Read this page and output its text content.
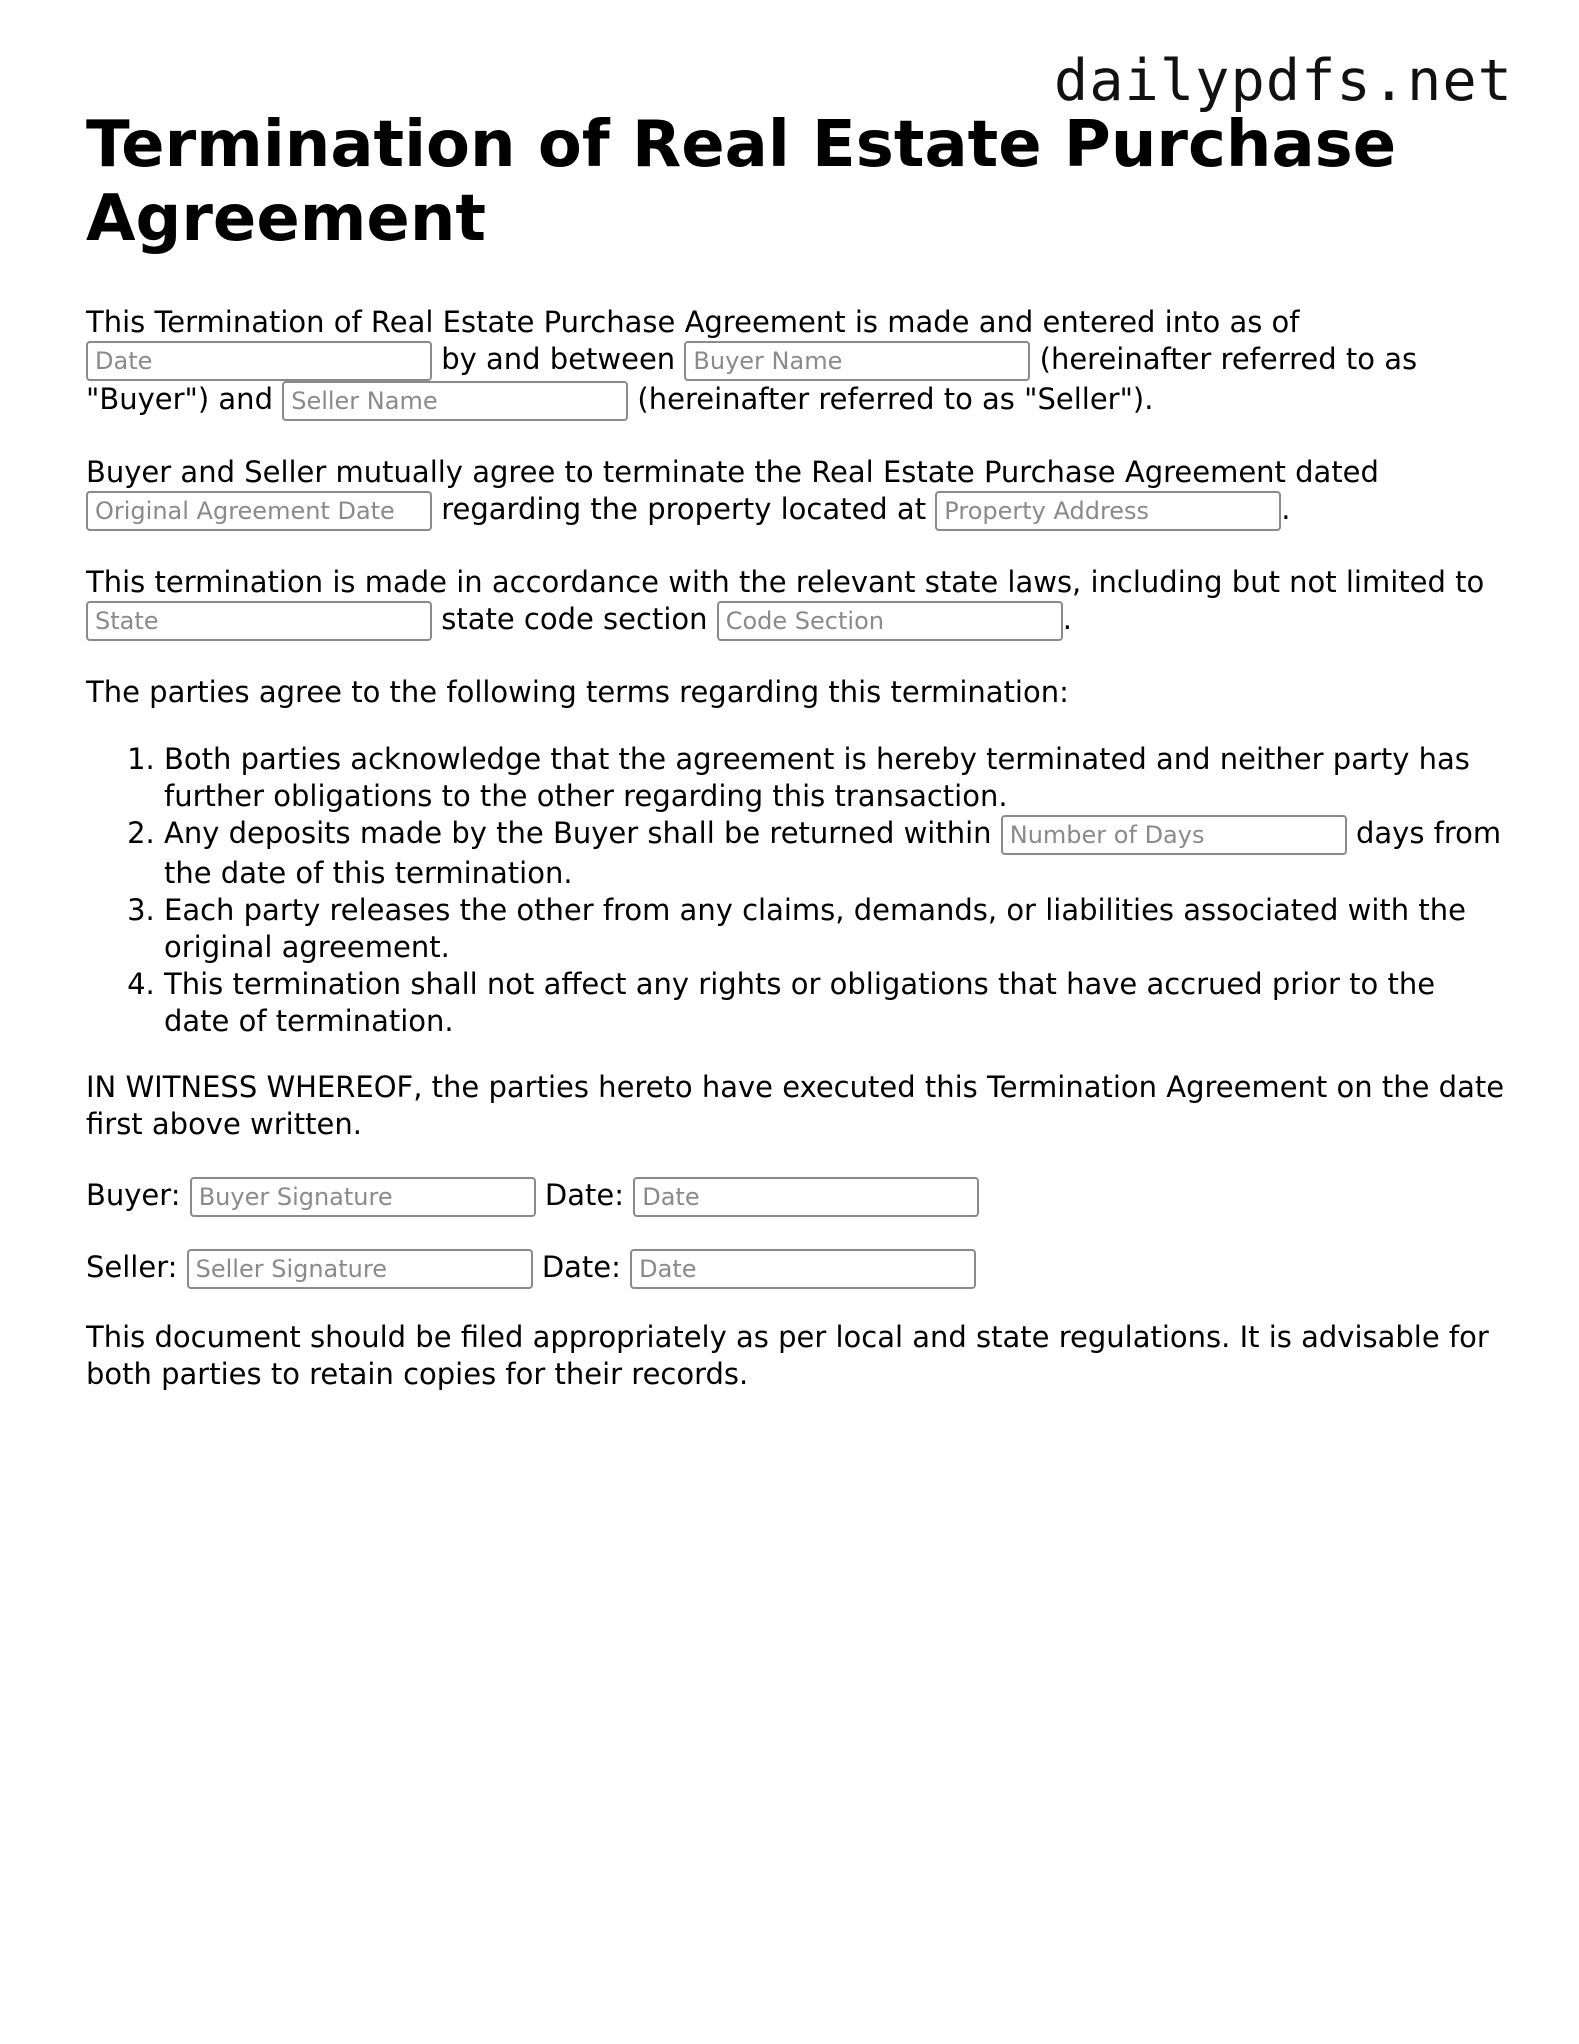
dailypdfs.net
Termination of Real Estate Purchase Agreement

This Termination of Real Estate Purchase Agreement is made and entered into as of Date	by and between Buyer Name	(hereinafter referred to as "Buyer") and Seller Name	(hereinafter referred to as "Seller").

Buyer and Seller mutually agree to terminate the Real Estate Purchase Agreement dated Original Agreement Date regarding the property located at Property Address	.

This termination is made in accordance with the relevant state laws, including but not limited to State	state code section Code Section	.

The parties agree to the following terms regarding this termination:

1. Both parties acknowledge that the agreement is hereby terminated and neither party has further obligations to the other regarding this transaction.
2. Any deposits made by the Buyer shall be returned within Number of Days	days from the date of this termination.
3. Each party releases the other from any claims, demands, or liabilities associated with the original agreement.
4. This termination shall not affect any rights or obligations that have accrued prior to the date of termination.

IN WITNESS WHEREOF, the parties hereto have executed this Termination Agreement on the date first above written.

Buyer: Buyer Signature	Date: Date
Seller: Seller Signature	Date: Date

This document should be filed appropriately as per local and state regulations. It is advisable for both parties to retain copies for their records.
